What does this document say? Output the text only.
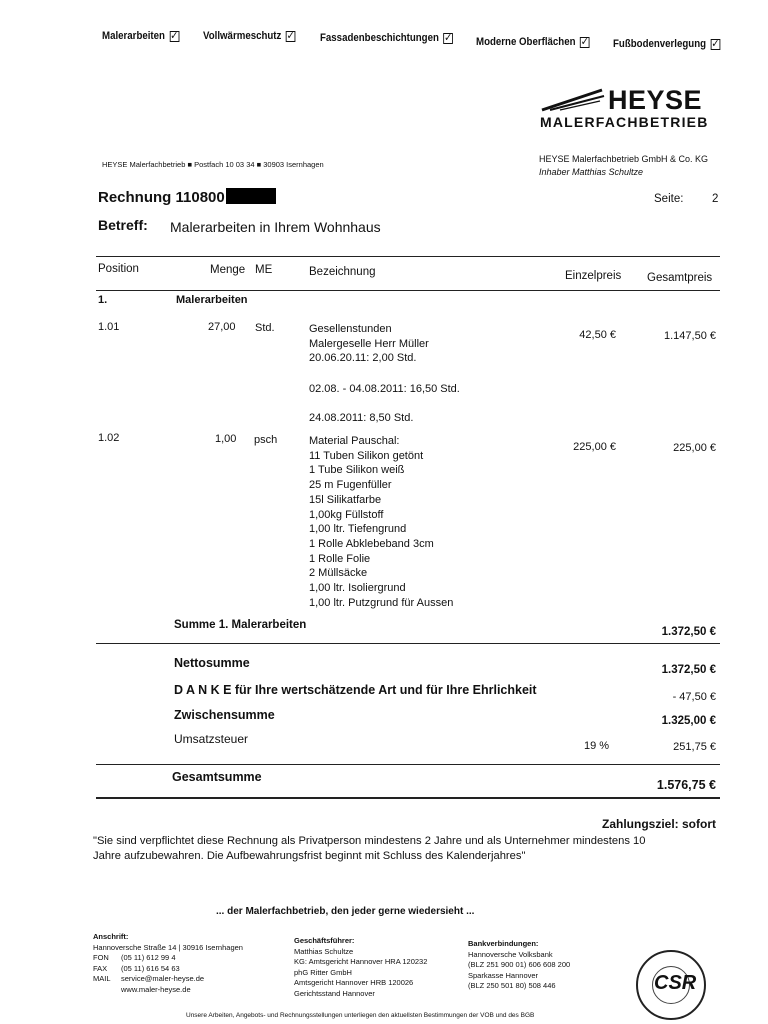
Malerarbeiten ✓ Vollwärmeschutz ✓ Fassadenbeschichtungen ✓ Moderne Oberflächen ✓ Fußbodenverlegung ✓
HEYSE
MALERFACHBETRIEB
HEYSE Malerfachbetrieb ■ Postfach 10 03 34 ■ 30903 Isernhagen
HEYSE Malerfachbetrieb GmbH & Co. KG
Inhaber Matthias Schultze
Rechnung 110800	Seite: 2
Betreff: Malerarbeiten in Ihrem Wohnhaus
Position	Menge ME	Bezeichnung	Einzelpreis Gesamtpreis
1.	Malerarbeiten
1.01	27,00 Std.	Gesellenstunden
Malergeselle Herr Müller
20.06.20.11: 2,00 Std.
02.08. - 04.08.2011: 16,50 Std.
24.08.2011: 8,50 Std.
42,50 €	1.147,50 €
1.02	1,00 psch	Material Pauschal:
11 Tuben Silikon getönt
1 Tube Silikon weiß
25 m Fugenfüller
15l Silikatfarbe
1,00kg Füllstoff
1,00 ltr. Tiefengrund
1 Rolle Abklebeband 3cm
1 Rolle Folie
2 Müllsäcke
1,00 ltr. Isoliergrund
1,00 ltr. Putzgrund für Aussen
225,00 €	225,00 €
Summe 1. Malerarbeiten
1.372,50 €
Nettosumme	1.372,50 €
D A N K E für Ihre wertschätzende Art und für Ihre Ehrlichkeit	- 47,50 €
Zwischensumme	1.325,00 €
Umsatzsteuer	19 %	251,75 €
Gesamtsumme
1.576,75 €
Zahlungsziel: sofort
"Sie sind verpflichtet diese Rechnung als Privatperson mindestens 2 Jahre und als Unternehmer mindestens 10
Jahre aufzubewahren. Die Aufbewahrungsfrist beginnt mit Schluss des Kalenderjahres"
... der Malerfachbetrieb, den jeder gerne wiedersieht ...
Anschrift:
Hannoversche Straße 14 | 30916 Isernhagen
FON (05 11) 612 99 4
FAX (05 11) 616 54 63
MAIL service@maler-heyse.de
www.maler-heyse.de
Geschäftsführer:
Matthias Schultze
KG: Amtsgericht Hannover HRA 120232
phG Ritter GmbH
Amtsgericht Hannover HRB 120026
Gerichtsstand Hannover
Bankverbindungen:
Hannoversche Volksbank
(BLZ 251 900 01) 606 608 200
Sparkasse Hannover
(BLZ 250 501 80) 508 446	CSR
Unsere Arbeiten, Angebots- und Rechnungsstellungen unterliegen den aktuellsten Bestimmungen der VOB und des BGB
